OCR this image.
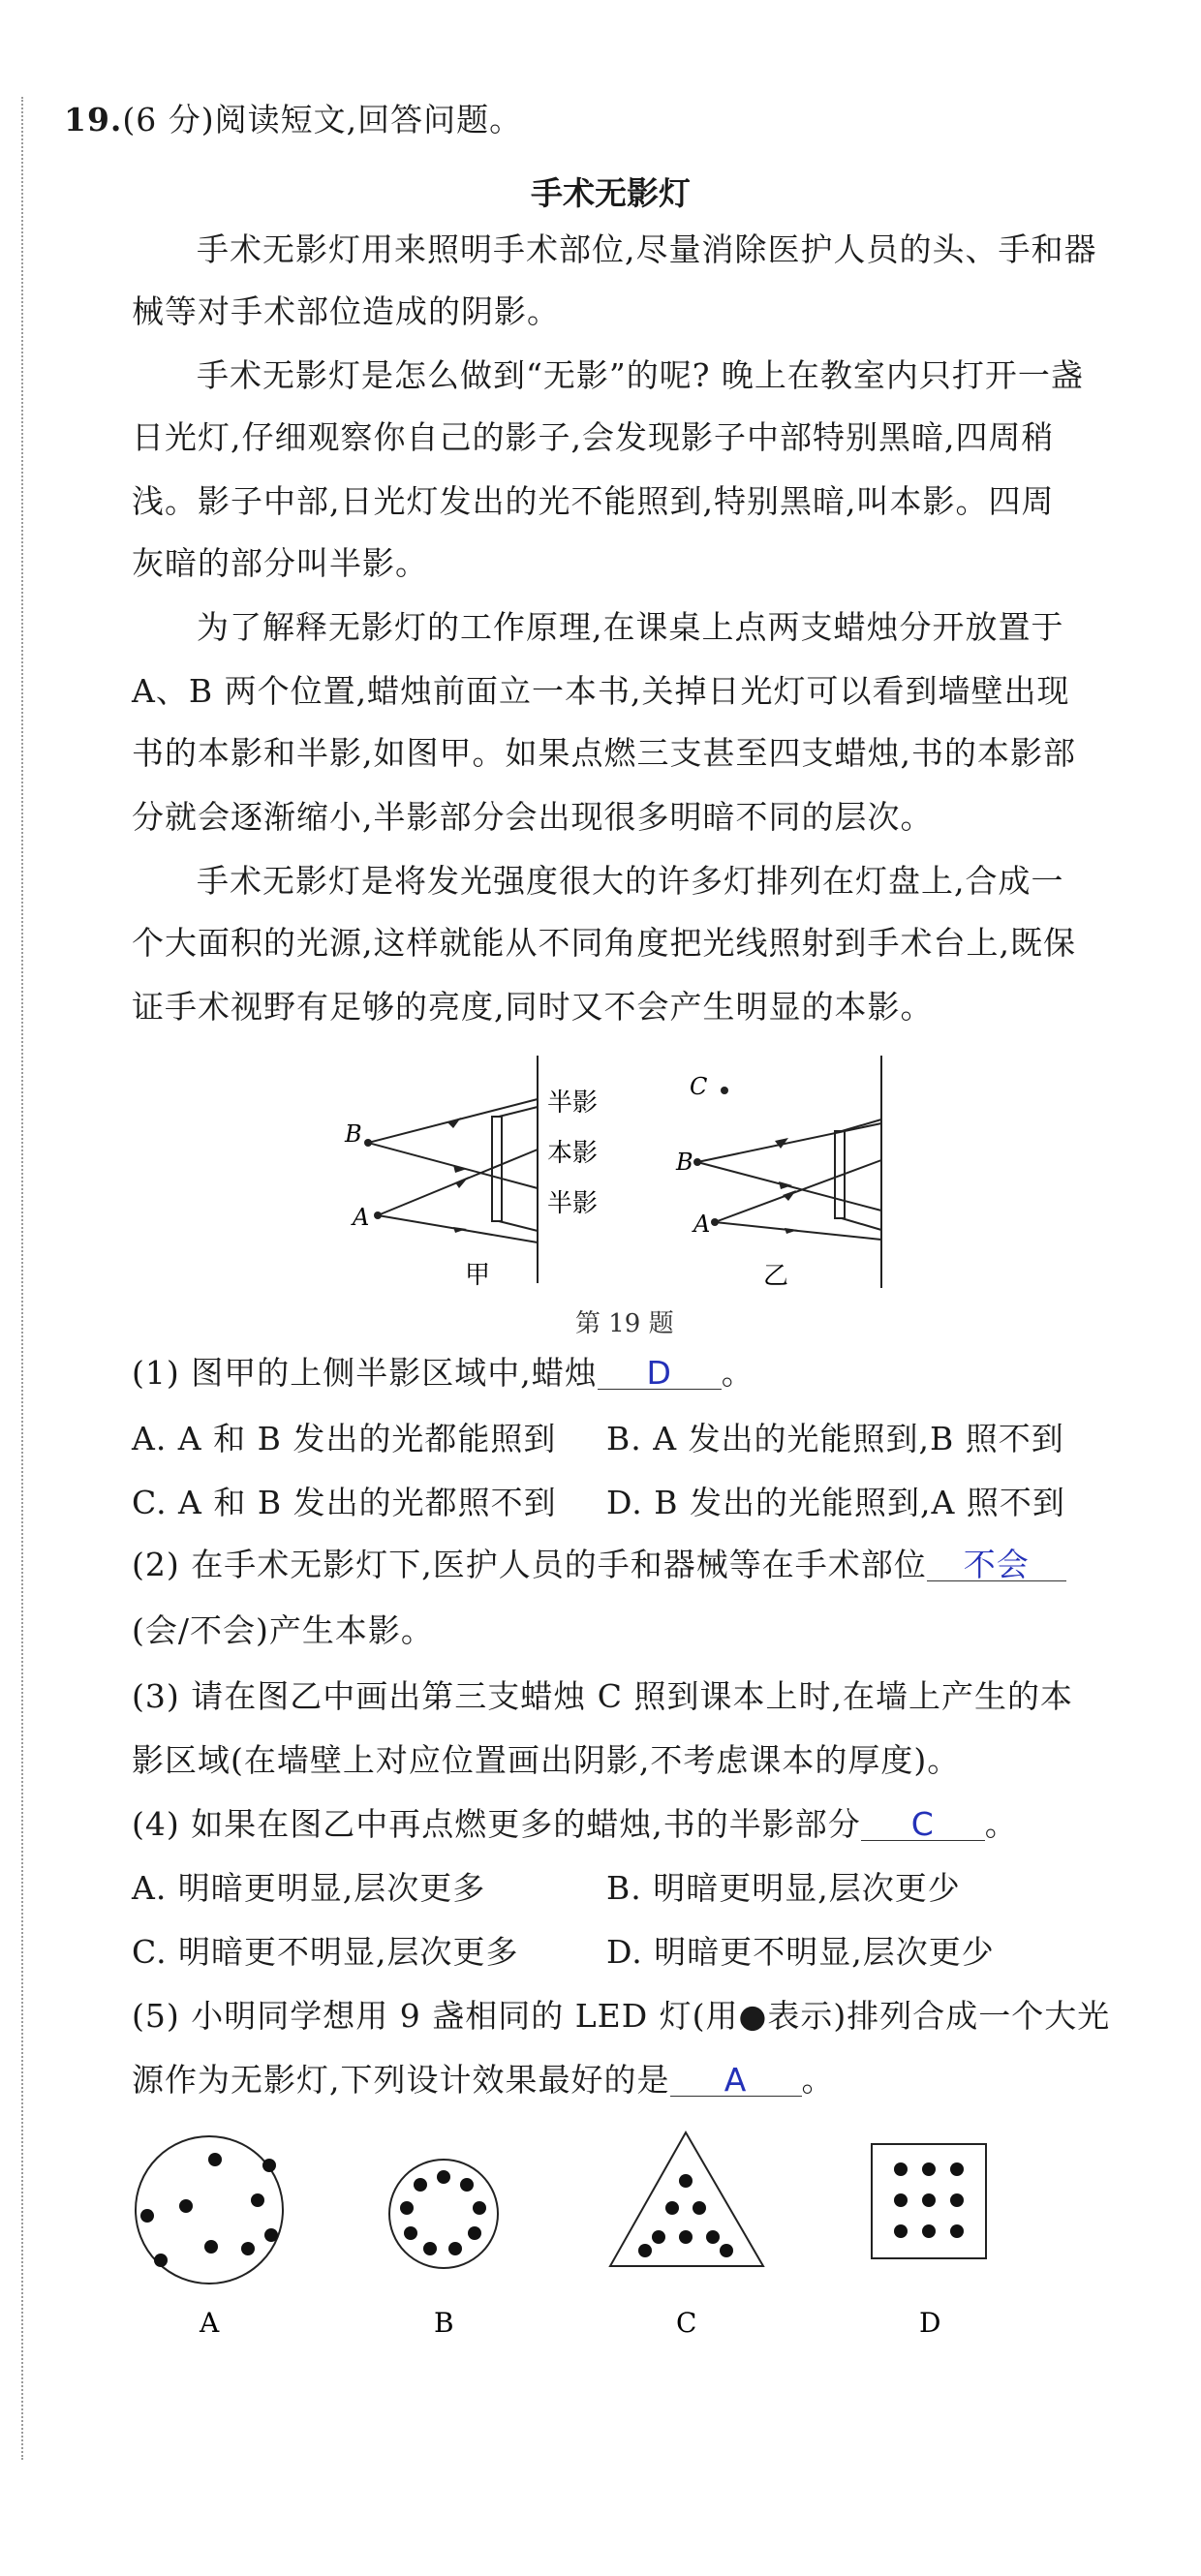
19.(6 分)阅读短文,回答问题。
手术无影灯
手术无影灯用来照明手术部位,尽量消除医护人员的头、手和器
械等对手术部位造成的阴影。
手术无影灯是怎么做到“无影”的呢? 晚上在教室内只打开一盏
日光灯,仔细观察你自己的影子,会发现影子中部特别黑暗,四周稍
浅。影子中部,日光灯发出的光不能照到,特别黑暗,叫本影。四周
灰暗的部分叫半影。
为了解释无影灯的工作原理,在课桌上点两支蜡烛分开放置于
A、B 两个位置,蜡烛前面立一本书,关掉日光灯可以看到墙壁出现
书的本影和半影,如图甲。如果点燃三支甚至四支蜡烛,书的本影部
分就会逐渐缩小,半影部分会出现很多明暗不同的层次。
手术无影灯是将发光强度很大的许多灯排列在灯盘上,合成一
个大面积的光源,这样就能从不同角度把光线照射到手术台上,既保
证手术视野有足够的亮度,同时又不会产生明显的本影。
B
A
半影
本影
半影
甲
C
B
A
乙
第 19 题
(1) 图甲的上侧半影区域中,蜡烛 D 。
A. A 和 B 发出的光都能照到 B. A 发出的光能照到,B 照不到
C. A 和 B 发出的光都照不到 D. B 发出的光能照到,A 照不到
(2) 在手术无影灯下,医护人员的手和器械等在手术部位 不会
(会/不会)产生本影。
(3) 请在图乙中画出第三支蜡烛 C 照到课本上时,在墙上产生的本
影区域(在墙壁上对应位置画出阴影,不考虑课本的厚度)。
(4) 如果在图乙中再点燃更多的蜡烛,书的半影部分 C 。
A. 明暗更明显,层次更多	B. 明暗更明显,层次更少
C. 明暗更不明显,层次更多	D. 明暗更不明显,层次更少
(5) 小明同学想用 9 盏相同的 LED 灯(用●表示)排列合成一个大光
源作为无影灯,下列设计效果最好的是 A 。
A	B	C	D
